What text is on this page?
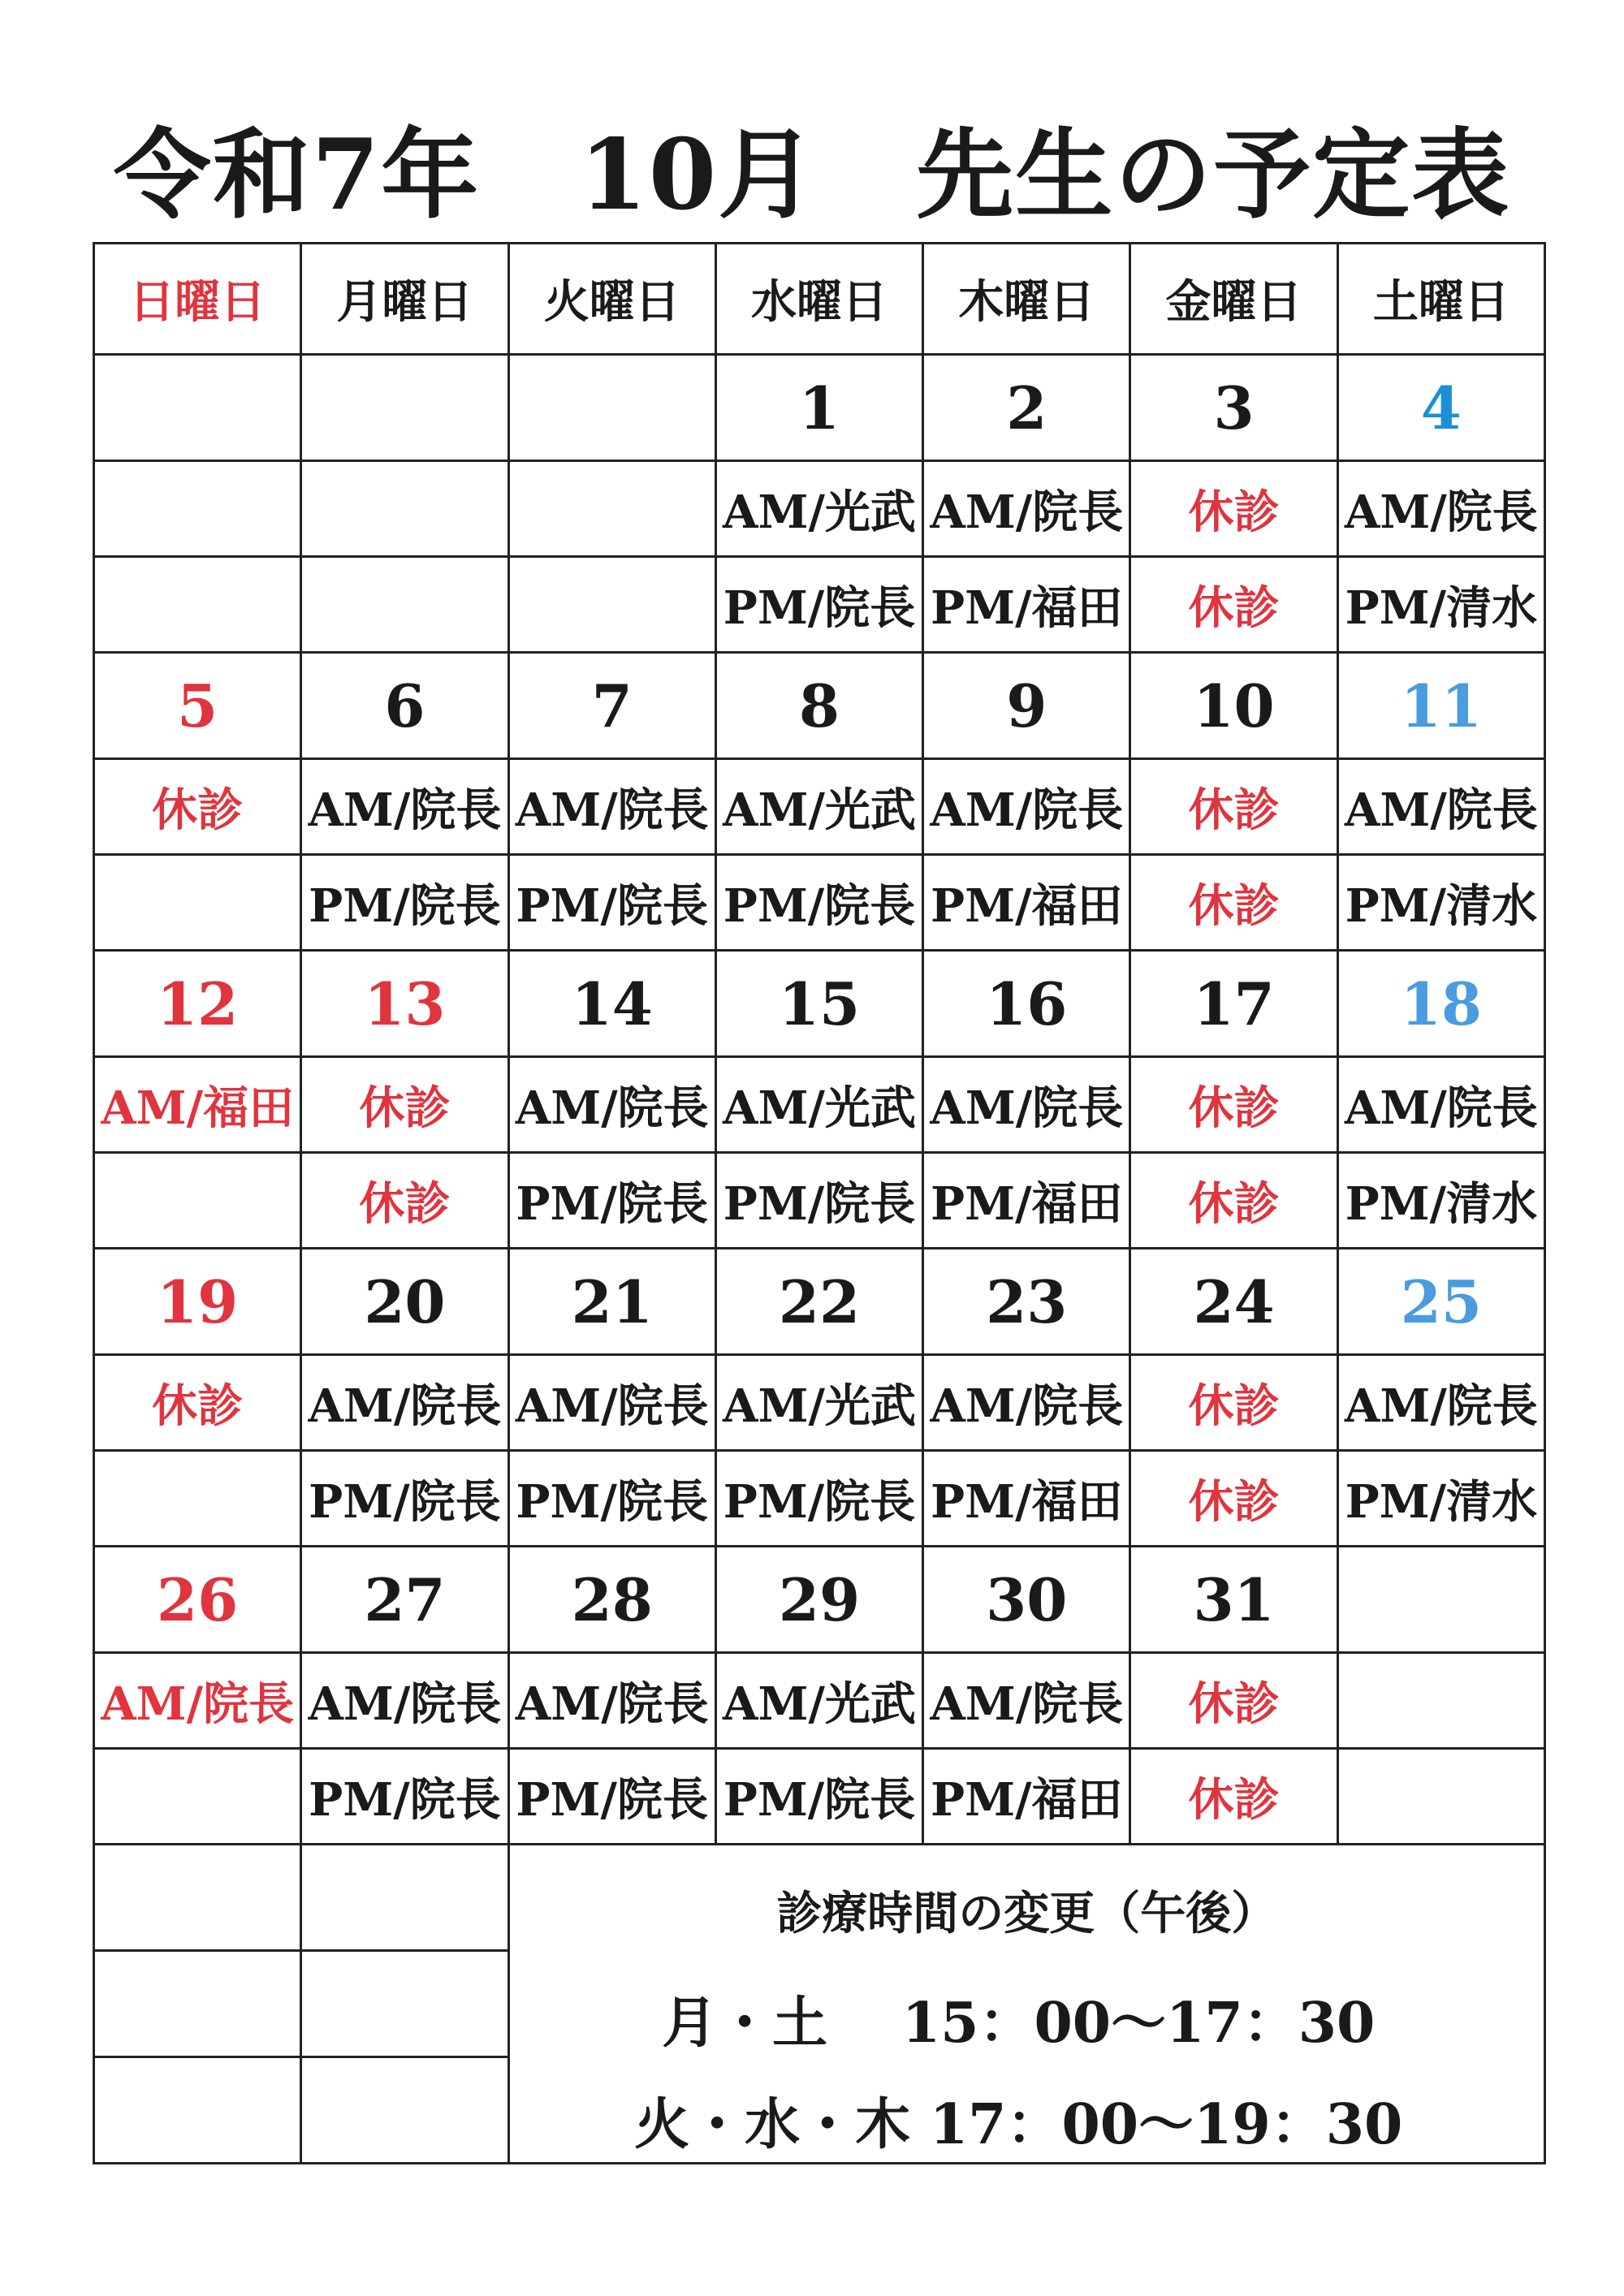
令和7年　10月　先生の予定表
日曜日	月曜日	火曜日	水曜日	木曜日	金曜日	土曜日
			1	2	3	4
			AM/光武	AM/院長	休診	AM/院長
			PM/院長	PM/福田	休診	PM/清水
5	6	7	8	9	10	11
休診	AM/院長	AM/院長	AM/光武	AM/院長	休診	AM/院長
	PM/院長	PM/院長	PM/院長	PM/福田	休診	PM/清水
12	13	14	15	16	17	18
AM/福田	休診	AM/院長	AM/光武	AM/院長	休診	AM/院長
	休診	PM/院長	PM/院長	PM/福田	休診	PM/清水
19	20	21	22	23	24	25
休診	AM/院長	AM/院長	AM/光武	AM/院長	休診	AM/院長
	PM/院長	PM/院長	PM/院長	PM/福田	休診	PM/清水
26	27	28	29	30	31	
AM/院長	AM/院長	AM/院長	AM/光武	AM/院長	休診	
	PM/院長	PM/院長	PM/院長	PM/福田	休診	

		診療時間の変更（午後）
月・土　 15：00～17：30
火・水・木 17：00～19：30				
